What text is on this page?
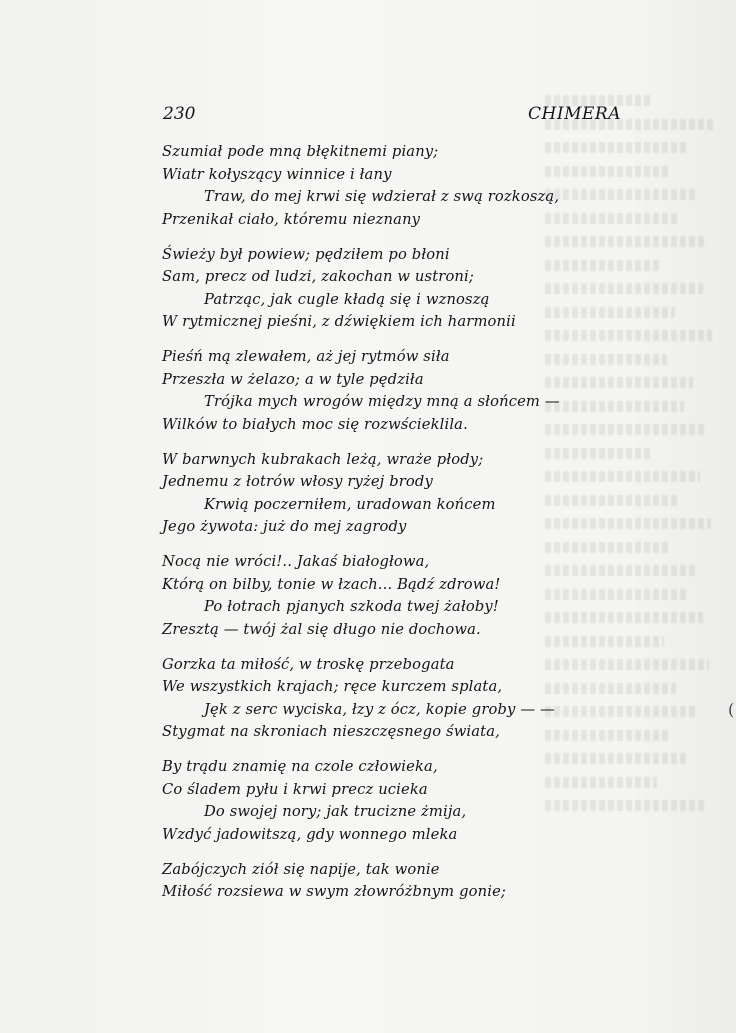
(
230	CHIMERA
Szumiał pode mną błękitnemi piany;
Wiatr kołyszący winnice i łany
Traw, do mej krwi się wdzierał z swą rozkoszą,
Przenikał ciało, któremu nieznany
Świeży był powiew; pędziłem po błoni
Sam, precz od ludzi, zakochan w ustroni;
Patrząc, jak cugle kładą się i wznoszą
W rytmicznej pieśni, z dźwiękiem ich harmonii
Pieśń mą zlewałem, aż jej rytmów siła
Przeszła w żelazo; a w tyle pędziła
Trójka mych wrogów między mną a słońcem —
Wilków to białych moc się rozwścieklila.
W barwnych kubrakach leżą, wraże płody;
Jednemu z łotrów włosy ryżej brody
Krwią poczerniłem, uradowan końcem
Jego żywota: już do mej zagrody
Nocą nie wróci!.. Jakaś białogłowa,
Którą on bilby, tonie w łzach... Bądź zdrowa!
Po łotrach pjanych szkoda twej żałoby!
Zresztą — twój żal się długo nie dochowa.
Gorzka ta miłość, w troskę przebogata
We wszystkich krajach; ręce kurczem splata,
Jęk z serc wyciska, łzy z ócz, kopie groby — —
Stygmat na skroniach nieszczęsnego świata,
By trądu znamię na czole człowieka,
Co śladem pyłu i krwi precz ucieka
Do swojej nory; jak trucizne żmija,
Wzdyć jadowitszą, gdy wonnego mleka
Zabójczych ziół się napije, tak wonie
Miłość rozsiewa w swym złowróżbnym gonie;
